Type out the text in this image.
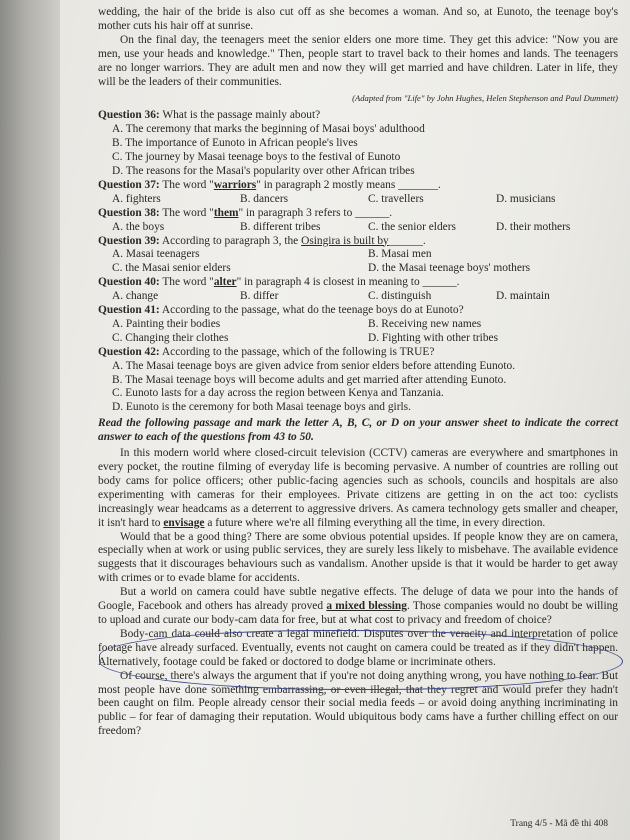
wedding, the hair of the bride is also cut off as she becomes a woman. And so, at Eunoto, the teenage boy's mother cuts his hair off at sunrise.

On the final day, the teenagers meet the senior elders one more time. They get this advice: "Now you are men, use your heads and knowledge." Then, people start to travel back to their homes and lands. The teenagers are no longer warriors. They are adult men and now they will get married and have children. Later in life, they will be the leaders of their communities.

(Adapted from "Life" by John Hughes, Helen Stephenson and Paul Dummett)

Question 36: What is the passage mainly about?

A. The ceremony that marks the beginning of Masai boys' adulthood

B. The importance of Eunoto in African people's lives

C. The journey by Masai teenage boys to the festival of Eunoto

D. The reasons for the Masai's popularity over other African tribes

Question 37: The word "warriors" in paragraph 2 mostly means _______.

A. fighters	B. dancers	C. travellers	D. musicians

Question 38: The word "them" in paragraph 3 refers to ______.

A. the boys	B. different tribes	C. the senior elders	D. their mothers

Question 39: According to paragraph 3, the Osingira is built by______.

A. Masai teenagers	B. Masai men
C. the Masai senior elders	D. the Masai teenage boys' mothers

Question 40: The word "alter" in paragraph 4 is closest in meaning to ______.

A. change	B. differ	C. distinguish	D. maintain

Question 41: According to the passage, what do the teenage boys do at Eunoto?

A. Painting their bodies	B. Receiving new names
C. Changing their clothes	D. Fighting with other tribes

Question 42: According to the passage, which of the following is TRUE?

A. The Masai teenage boys are given advice from senior elders before attending Eunoto.

B. The Masai teenage boys will become adults and get married after attending Eunoto.

C. Eunoto lasts for a day across the region between Kenya and Tanzania.

D. Eunoto is the ceremony for both Masai teenage boys and girls.

Read the following passage and mark the letter A, B, C, or D on your answer sheet to indicate the correct answer to each of the questions from 43 to 50.

In this modern world where closed-circuit television (CCTV) cameras are everywhere and smartphones in every pocket, the routine filming of everyday life is becoming pervasive. A number of countries are rolling out body cams for police officers; other public-facing agencies such as schools, councils and hospitals are also experimenting with cameras for their employees. Private citizens are getting in on the act too: cyclists increasingly wear headcams as a deterrent to aggressive drivers. As camera technology gets smaller and cheaper, it isn't hard to envisage a future where we're all filming everything all the time, in every direction.

Would that be a good thing? There are some obvious potential upsides. If people know they are on camera, especially when at work or using public services, they are surely less likely to misbehave. The available evidence suggests that it discourages behaviours such as vandalism. Another upside is that it would be harder to get away with crimes or to evade blame for accidents.

But a world on camera could have subtle negative effects. The deluge of data we pour into the hands of Google, Facebook and others has already proved a mixed blessing. Those companies would no doubt be willing to upload and curate our body-cam data for free, but at what cost to privacy and freedom of choice?

Body-cam data could also create a legal minefield. Disputes over the veracity and interpretation of police footage have already surfaced. Eventually, events not caught on camera could be treated as if they didn't happen. Alternatively, footage could be faked or doctored to dodge blame or incriminate others.

Of course, there's always the argument that if you're not doing anything wrong, you have nothing to fear. But most people have done something embarrassing, or even illegal, that they regret and would prefer they hadn't been caught on film. People already censor their social media feeds – or avoid doing anything incriminating in public – for fear of damaging their reputation. Would ubiquitous body cams have a further chilling effect on our freedom?

Trang 4/5 - Mã đề thi 408
